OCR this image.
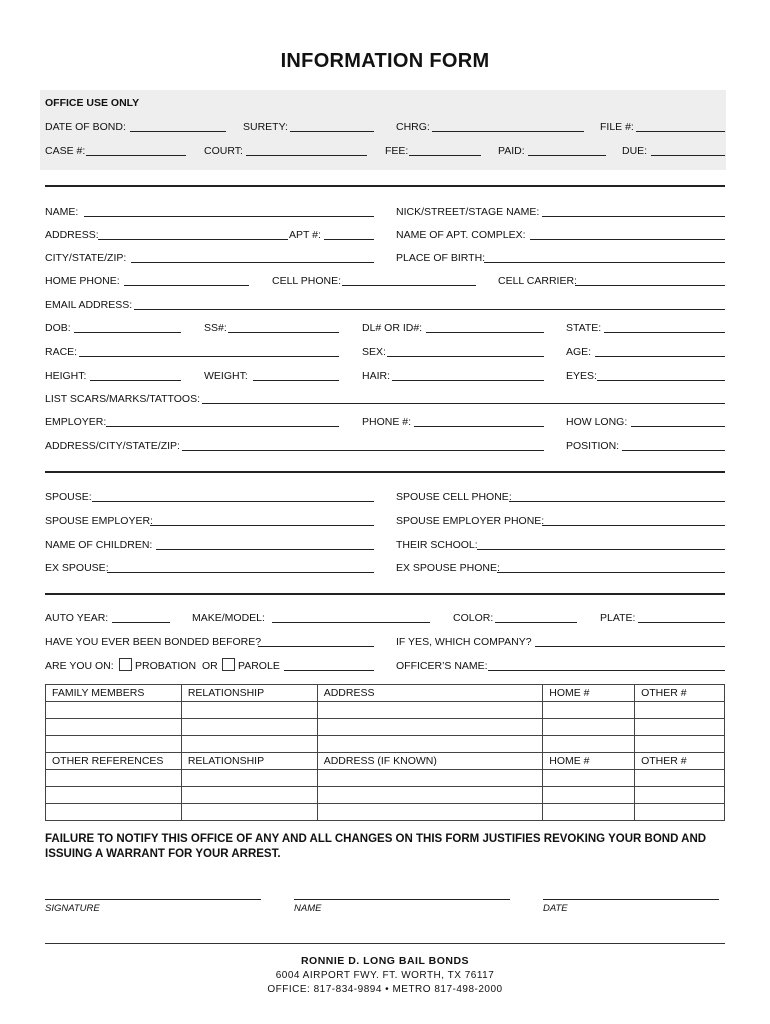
INFORMATION FORM
OFFICE USE ONLY
DATE OF BOND:	SURETY:	CHRG:	FILE #:
CASE #:	COURT:	FEE:	PAID:	DUE:
NAME:	NICK/STREET/STAGE NAME:
ADDRESS:	APT #:	NAME OF APT. COMPLEX:
CITY/STATE/ZIP:	PLACE OF BIRTH:
HOME PHONE:	CELL PHONE:	CELL CARRIER:
EMAIL ADDRESS:
DOB:	SS#:	DL# OR ID#:	STATE:
RACE:	SEX:	AGE:
HEIGHT:	WEIGHT:	HAIR:	EYES:
LIST SCARS/MARKS/TATTOOS:
EMPLOYER:	PHONE #:	HOW LONG:
ADDRESS/CITY/STATE/ZIP:	POSITION:
SPOUSE:	SPOUSE CELL PHONE:
SPOUSE EMPLOYER:	SPOUSE EMPLOYER PHONE:
NAME OF CHILDREN:	THEIR SCHOOL:
EX SPOUSE:	EX SPOUSE PHONE:
AUTO YEAR:	MAKE/MODEL:	COLOR:	PLATE:
HAVE YOU EVER BEEN BONDED BEFORE?	IF YES, WHICH COMPANY?
ARE YOU ON: PROBATION OR PAROLE	OFFICER’S NAME:
FAMILY MEMBERS	RELATIONSHIP	ADDRESS	HOME #	OTHER #

OTHER REFERENCES	RELATIONSHIP	ADDRESS (IF KNOWN)	HOME #	OTHER #

FAILURE TO NOTIFY THIS OFFICE OF ANY AND ALL CHANGES ON THIS FORM JUSTIFIES REVOKING YOUR BOND AND ISSUING A WARRANT FOR YOUR ARREST.
SIGNATURE	NAME	DATE
RONNIE D. LONG BAIL BONDS
6004 AIRPORT FWY. FT. WORTH, TX 76117
OFFICE: 817-834-9894 • METRO 817-498-2000
